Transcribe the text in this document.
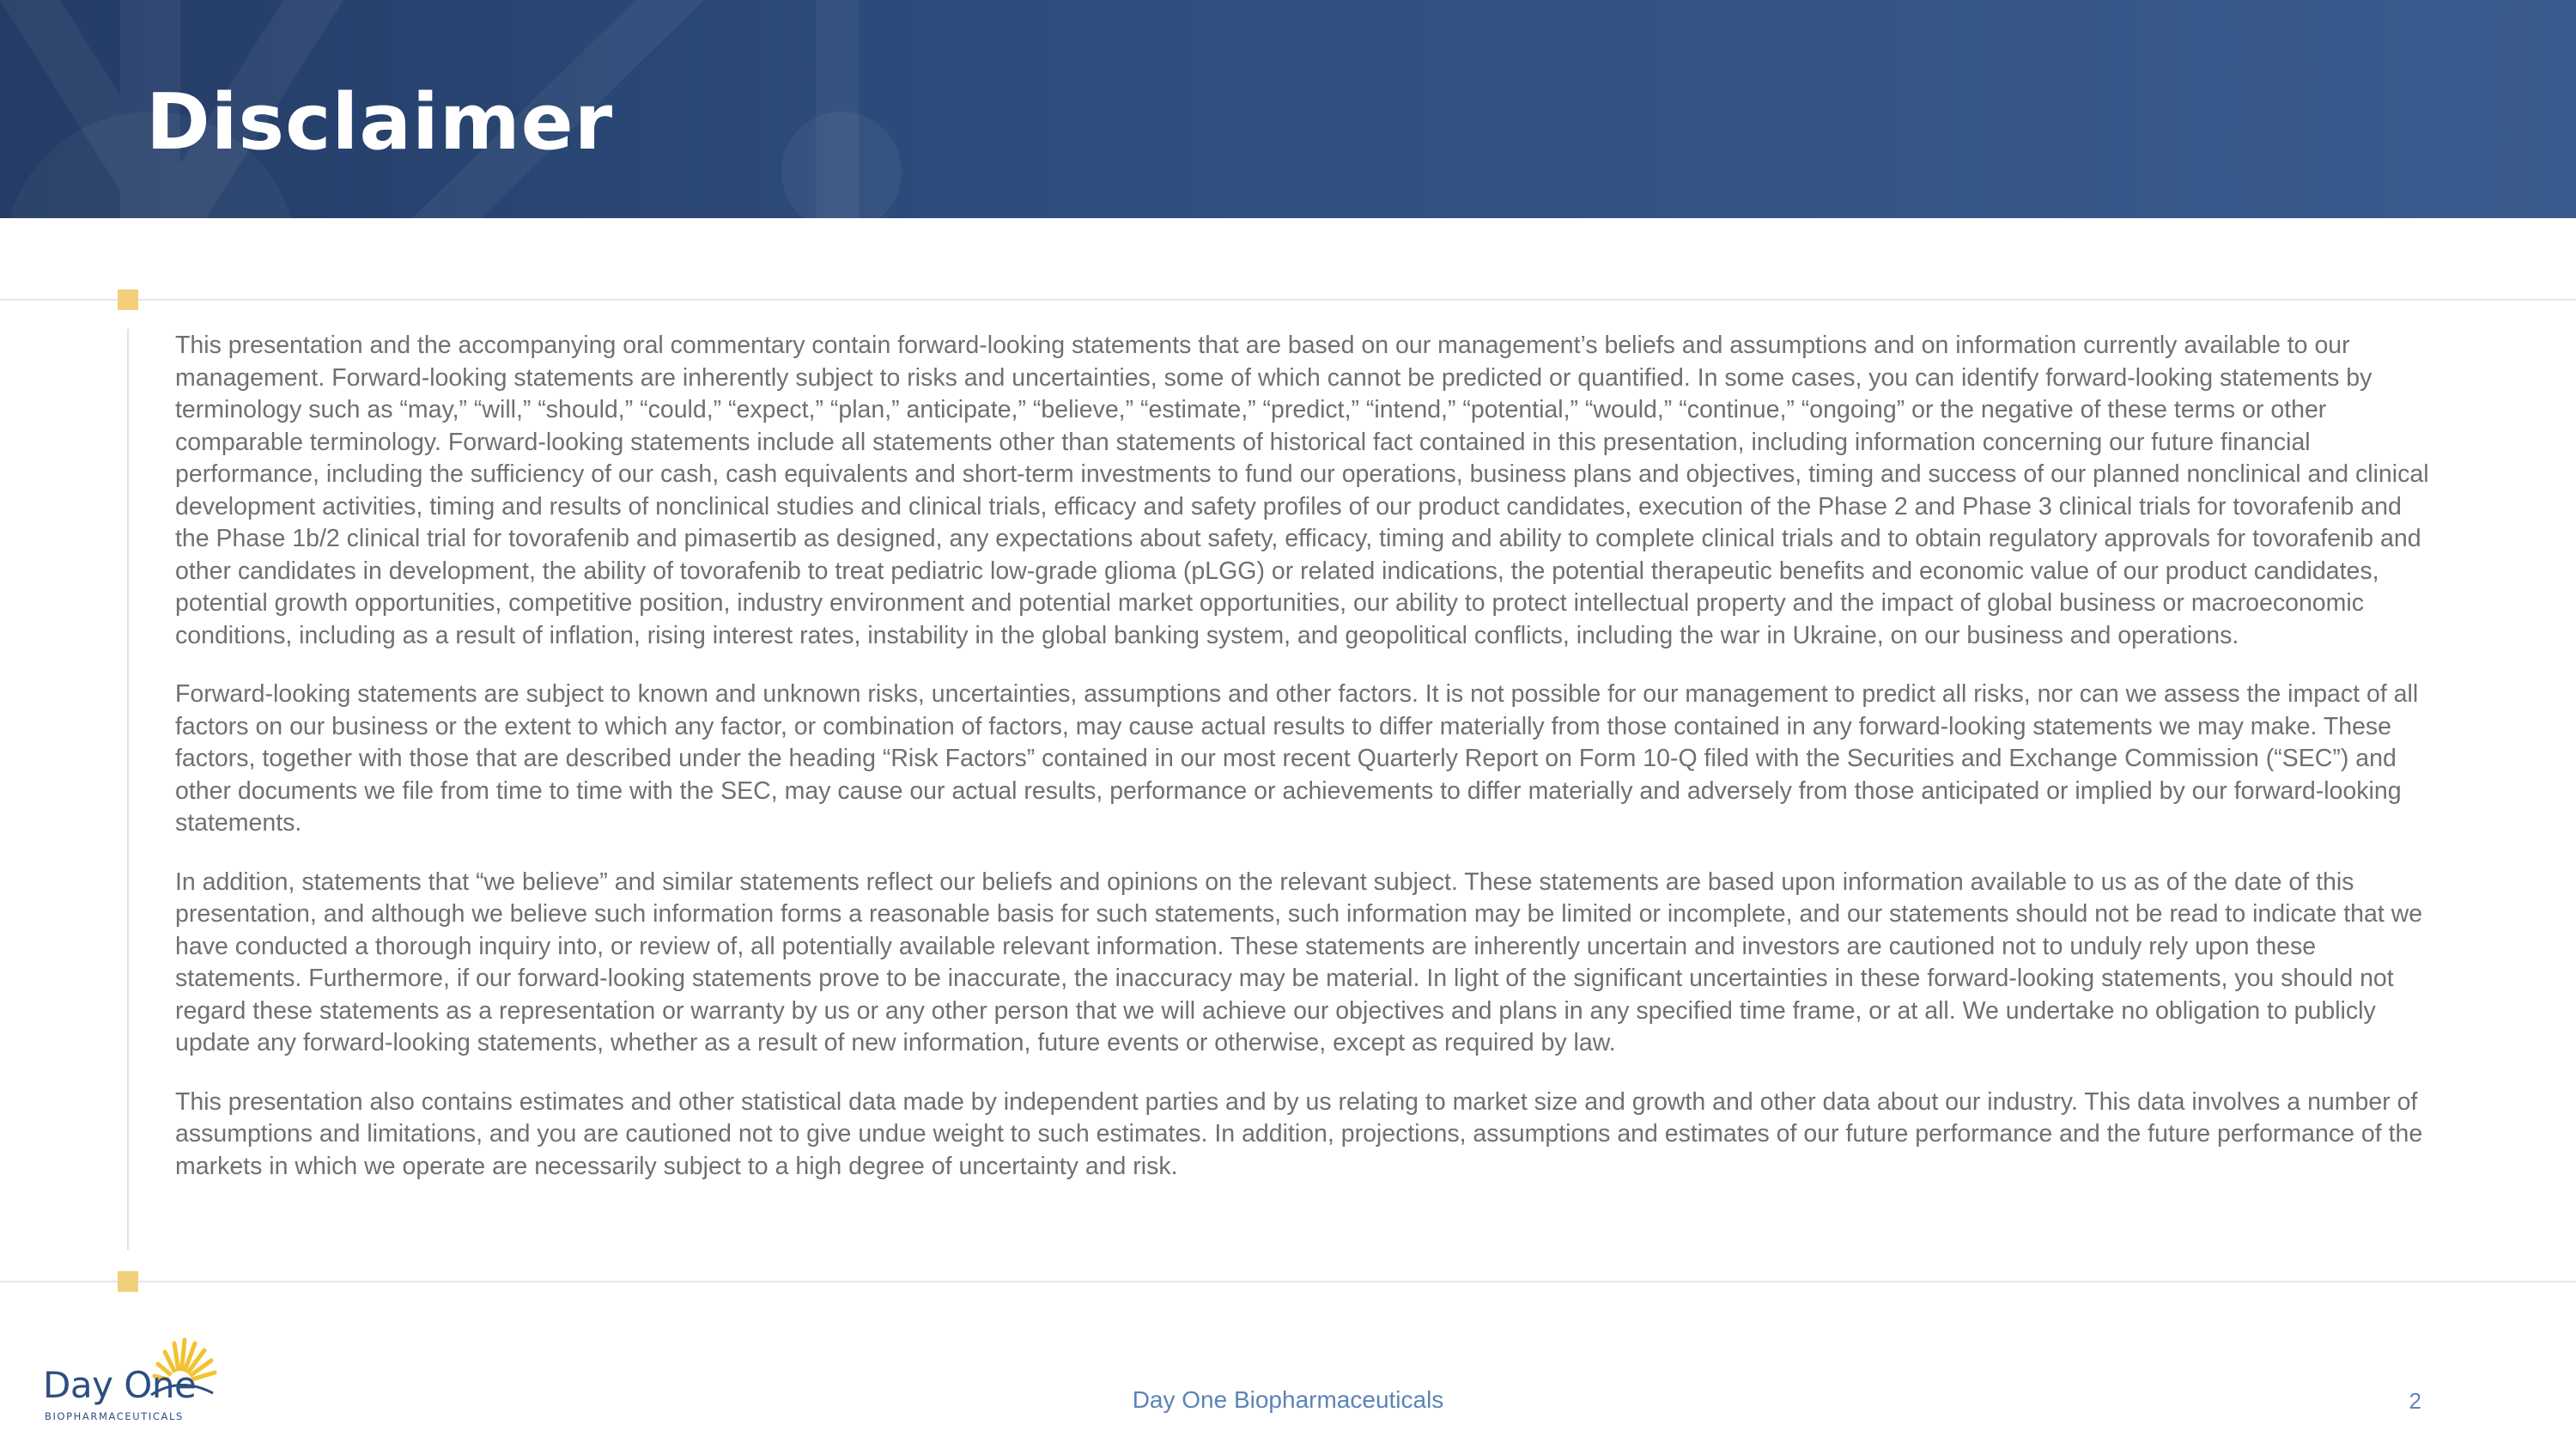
Disclaimer

This presentation and the accompanying oral commentary contain forward-looking statements that are based on our management’s beliefs and assumptions and on information currently available to our management. Forward-looking statements are inherently subject to risks and uncertainties, some of which cannot be predicted or quantified. In some cases, you can identify forward-looking statements by terminology such as “may,” “will,” “should,” “could,” “expect,” “plan,” anticipate,” “believe,” “estimate,” “predict,” “intend,” “potential,” “would,” “continue,” “ongoing” or the negative of these terms or other comparable terminology. Forward-looking statements include all statements other than statements of historical fact contained in this presentation, including information concerning our future financial performance, including the sufficiency of our cash, cash equivalents and short-term investments to fund our operations, business plans and objectives, timing and success of our planned nonclinical and clinical development activities, timing and results of nonclinical studies and clinical trials, efficacy and safety profiles of our product candidates, execution of the Phase 2 and Phase 3 clinical trials for tovorafenib and the Phase 1b/2 clinical trial for tovorafenib and pimasertib as designed, any expectations about safety, efficacy, timing and ability to complete clinical trials and to obtain regulatory approvals for tovorafenib and other candidates in development, the ability of tovorafenib to treat pediatric low-grade glioma (pLGG) or related indications, the potential therapeutic benefits and economic value of our product candidates, potential growth opportunities, competitive position, industry environment and potential market opportunities, our ability to protect intellectual property and the impact of global business or macroeconomic conditions, including as a result of inflation, rising interest rates, instability in the global banking system, and geopolitical conflicts, including the war in Ukraine, on our business and operations.

Forward-looking statements are subject to known and unknown risks, uncertainties, assumptions and other factors. It is not possible for our management to predict all risks, nor can we assess the impact of all factors on our business or the extent to which any factor, or combination of factors, may cause actual results to differ materially from those contained in any forward-looking statements we may make. These factors, together with those that are described under the heading “Risk Factors” contained in our most recent Quarterly Report on Form 10-Q filed with the Securities and Exchange Commission (“SEC”) and other documents we file from time to time with the SEC, may cause our actual results, performance or achievements to differ materially and adversely from those anticipated or implied by our forward-looking statements.

In addition, statements that “we believe” and similar statements reflect our beliefs and opinions on the relevant subject. These statements are based upon information available to us as of the date of this presentation, and although we believe such information forms a reasonable basis for such statements, such information may be limited or incomplete, and our statements should not be read to indicate that we have conducted a thorough inquiry into, or review of, all potentially available relevant information. These statements are inherently uncertain and investors are cautioned not to unduly rely upon these statements. Furthermore, if our forward-looking statements prove to be inaccurate, the inaccuracy may be material. In light of the significant uncertainties in these forward-looking statements, you should not regard these statements as a representation or warranty by us or any other person that we will achieve our objectives and plans in any specified time frame, or at all. We undertake no obligation to publicly update any forward-looking statements, whether as a result of new information, future events or otherwise, except as required by law.

This presentation also contains estimates and other statistical data made by independent parties and by us relating to market size and growth and other data about our industry. This data involves a number of assumptions and limitations, and you are cautioned not to give undue weight to such estimates. In addition, projections, assumptions and estimates of our future performance and the future performance of the markets in which we operate are necessarily subject to a high degree of uncertainty and risk.

Day One
BIOPHARMACEUTICALS
Day One Biopharmaceuticals	2
